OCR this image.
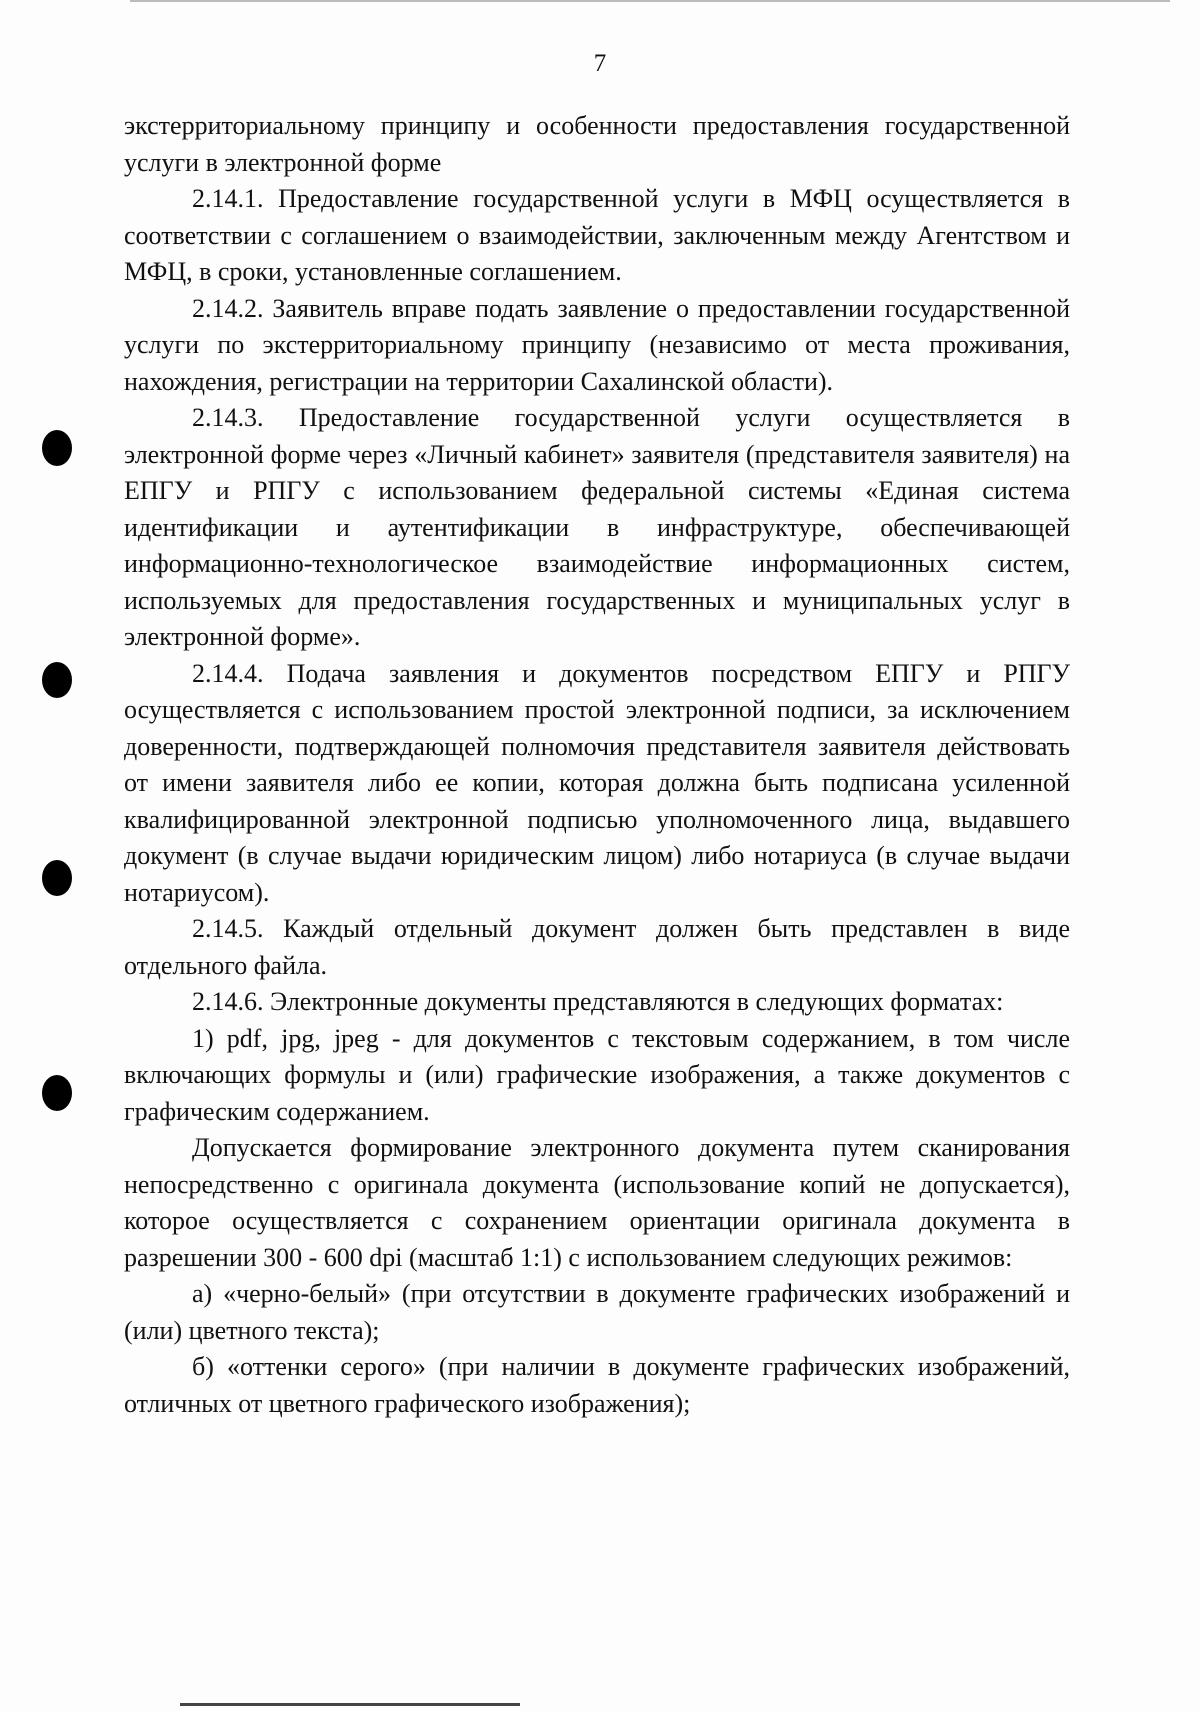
7

экстерриториальному принципу и особенности предоставления государственной услуги в электронной форме

2.14.1. Предоставление государственной услуги в МФЦ осуществляется в соответствии с соглашением о взаимодействии, заключенным между Агентством и МФЦ, в сроки, установленные соглашением.

2.14.2. Заявитель вправе подать заявление о предоставлении государственной услуги по экстерриториальному принципу (независимо от места проживания, нахождения, регистрации на территории Сахалинской области).

2.14.3. Предоставление государственной услуги осуществляется в электронной форме через «Личный кабинет» заявителя (представителя заявителя) на ЕПГУ и РПГУ с использованием федеральной системы «Единая система идентификации и аутентификации в инфраструктуре, обеспечивающей информационно-технологическое взаимодействие информационных систем, используемых для предоставления государственных и муниципальных услуг в электронной форме».

2.14.4. Подача заявления и документов посредством ЕПГУ и РПГУ осуществляется с использованием простой электронной подписи, за исключением доверенности, подтверждающей полномочия представителя заявителя действовать от имени заявителя либо ее копии, которая должна быть подписана усиленной квалифицированной электронной подписью уполномоченного лица, выдавшего документ (в случае выдачи юридическим лицом) либо нотариуса (в случае выдачи нотариусом).

2.14.5. Каждый отдельный документ должен быть представлен в виде отдельного файла.

2.14.6. Электронные документы представляются в следующих форматах:

1) pdf, jpg, jpeg - для документов с текстовым содержанием, в том числе включающих формулы и (или) графические изображения, а также документов с графическим содержанием.

Допускается формирование электронного документа путем сканирования непосредственно с оригинала документа (использование копий не допускается), которое осуществляется с сохранением ориентации оригинала документа в разрешении 300 - 600 dpi (масштаб 1:1) с использованием следующих режимов:

а) «черно-белый» (при отсутствии в документе графических изображений и (или) цветного текста);

б) «оттенки серого» (при наличии в документе графических изображений, отличных от цветного графического изображения);
